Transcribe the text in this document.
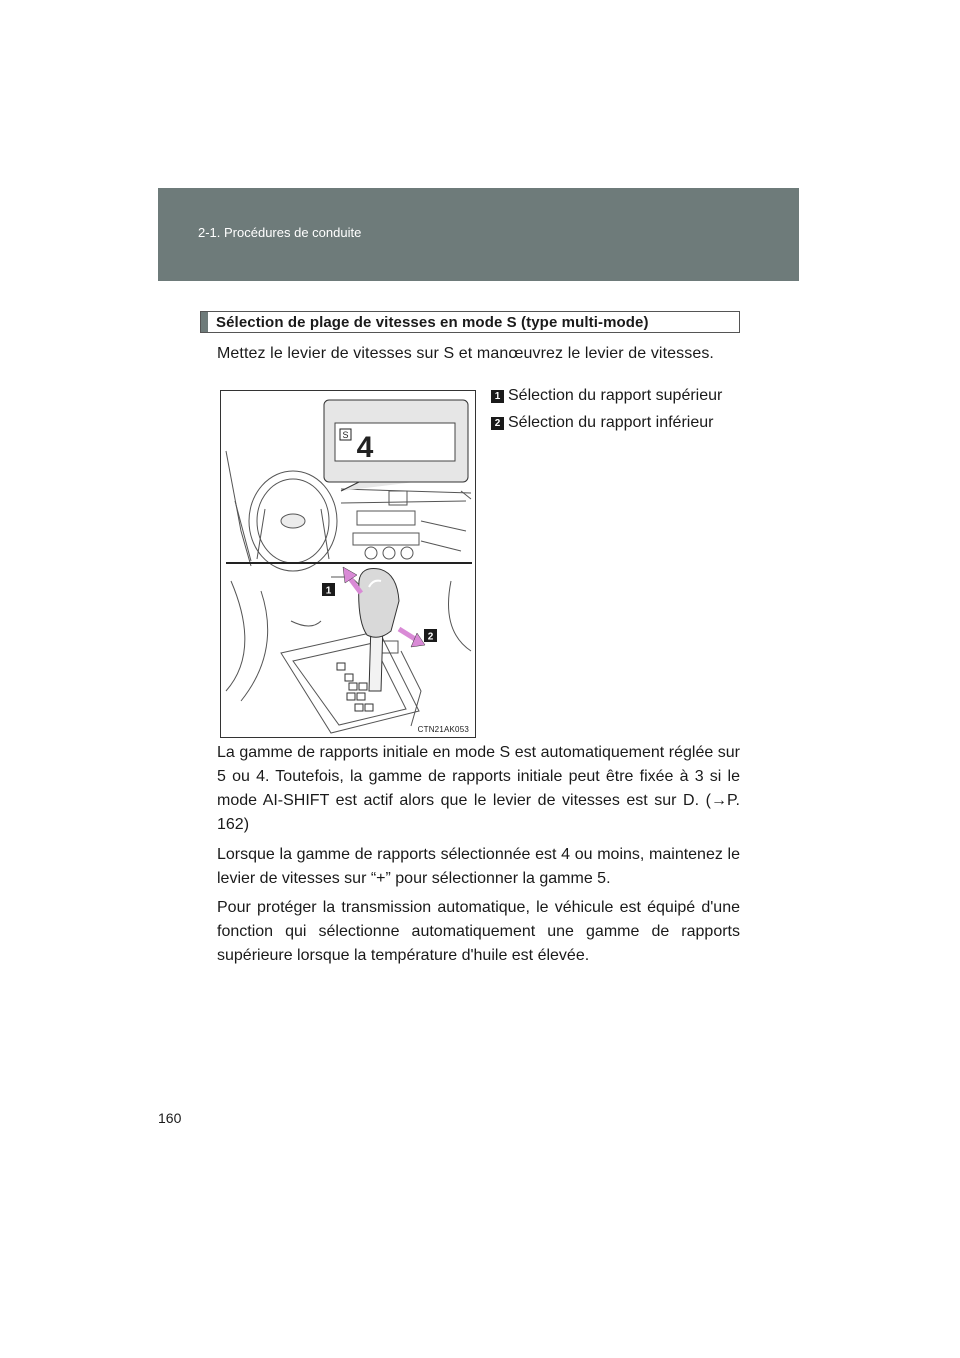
2-1. Procédures de conduite
Sélection de plage de vitesses en mode S (type multi-mode)
Mettez le levier de vitesses sur S et manœuvrez le levier de vitesses.
1 Sélection du rapport supérieur
2 Sélection du rapport inférieur
S 4
1
2
CTN21AK053

La gamme de rapports initiale en mode S est automatiquement réglée sur 5 ou 4. Toutefois, la gamme de rapports initiale peut être fixée à 3 si le mode AI-SHIFT est actif alors que le levier de vitesses est sur D. (→P. 162)

Lorsque la gamme de rapports sélectionnée est 4 ou moins, maintenez le levier de vitesses sur “+” pour sélectionner la gamme 5.

Pour protéger la transmission automatique, le véhicule est équipé d'une fonction qui sélectionne automatiquement une gamme de rapports supérieure lorsque la température d'huile est élevée.

160
